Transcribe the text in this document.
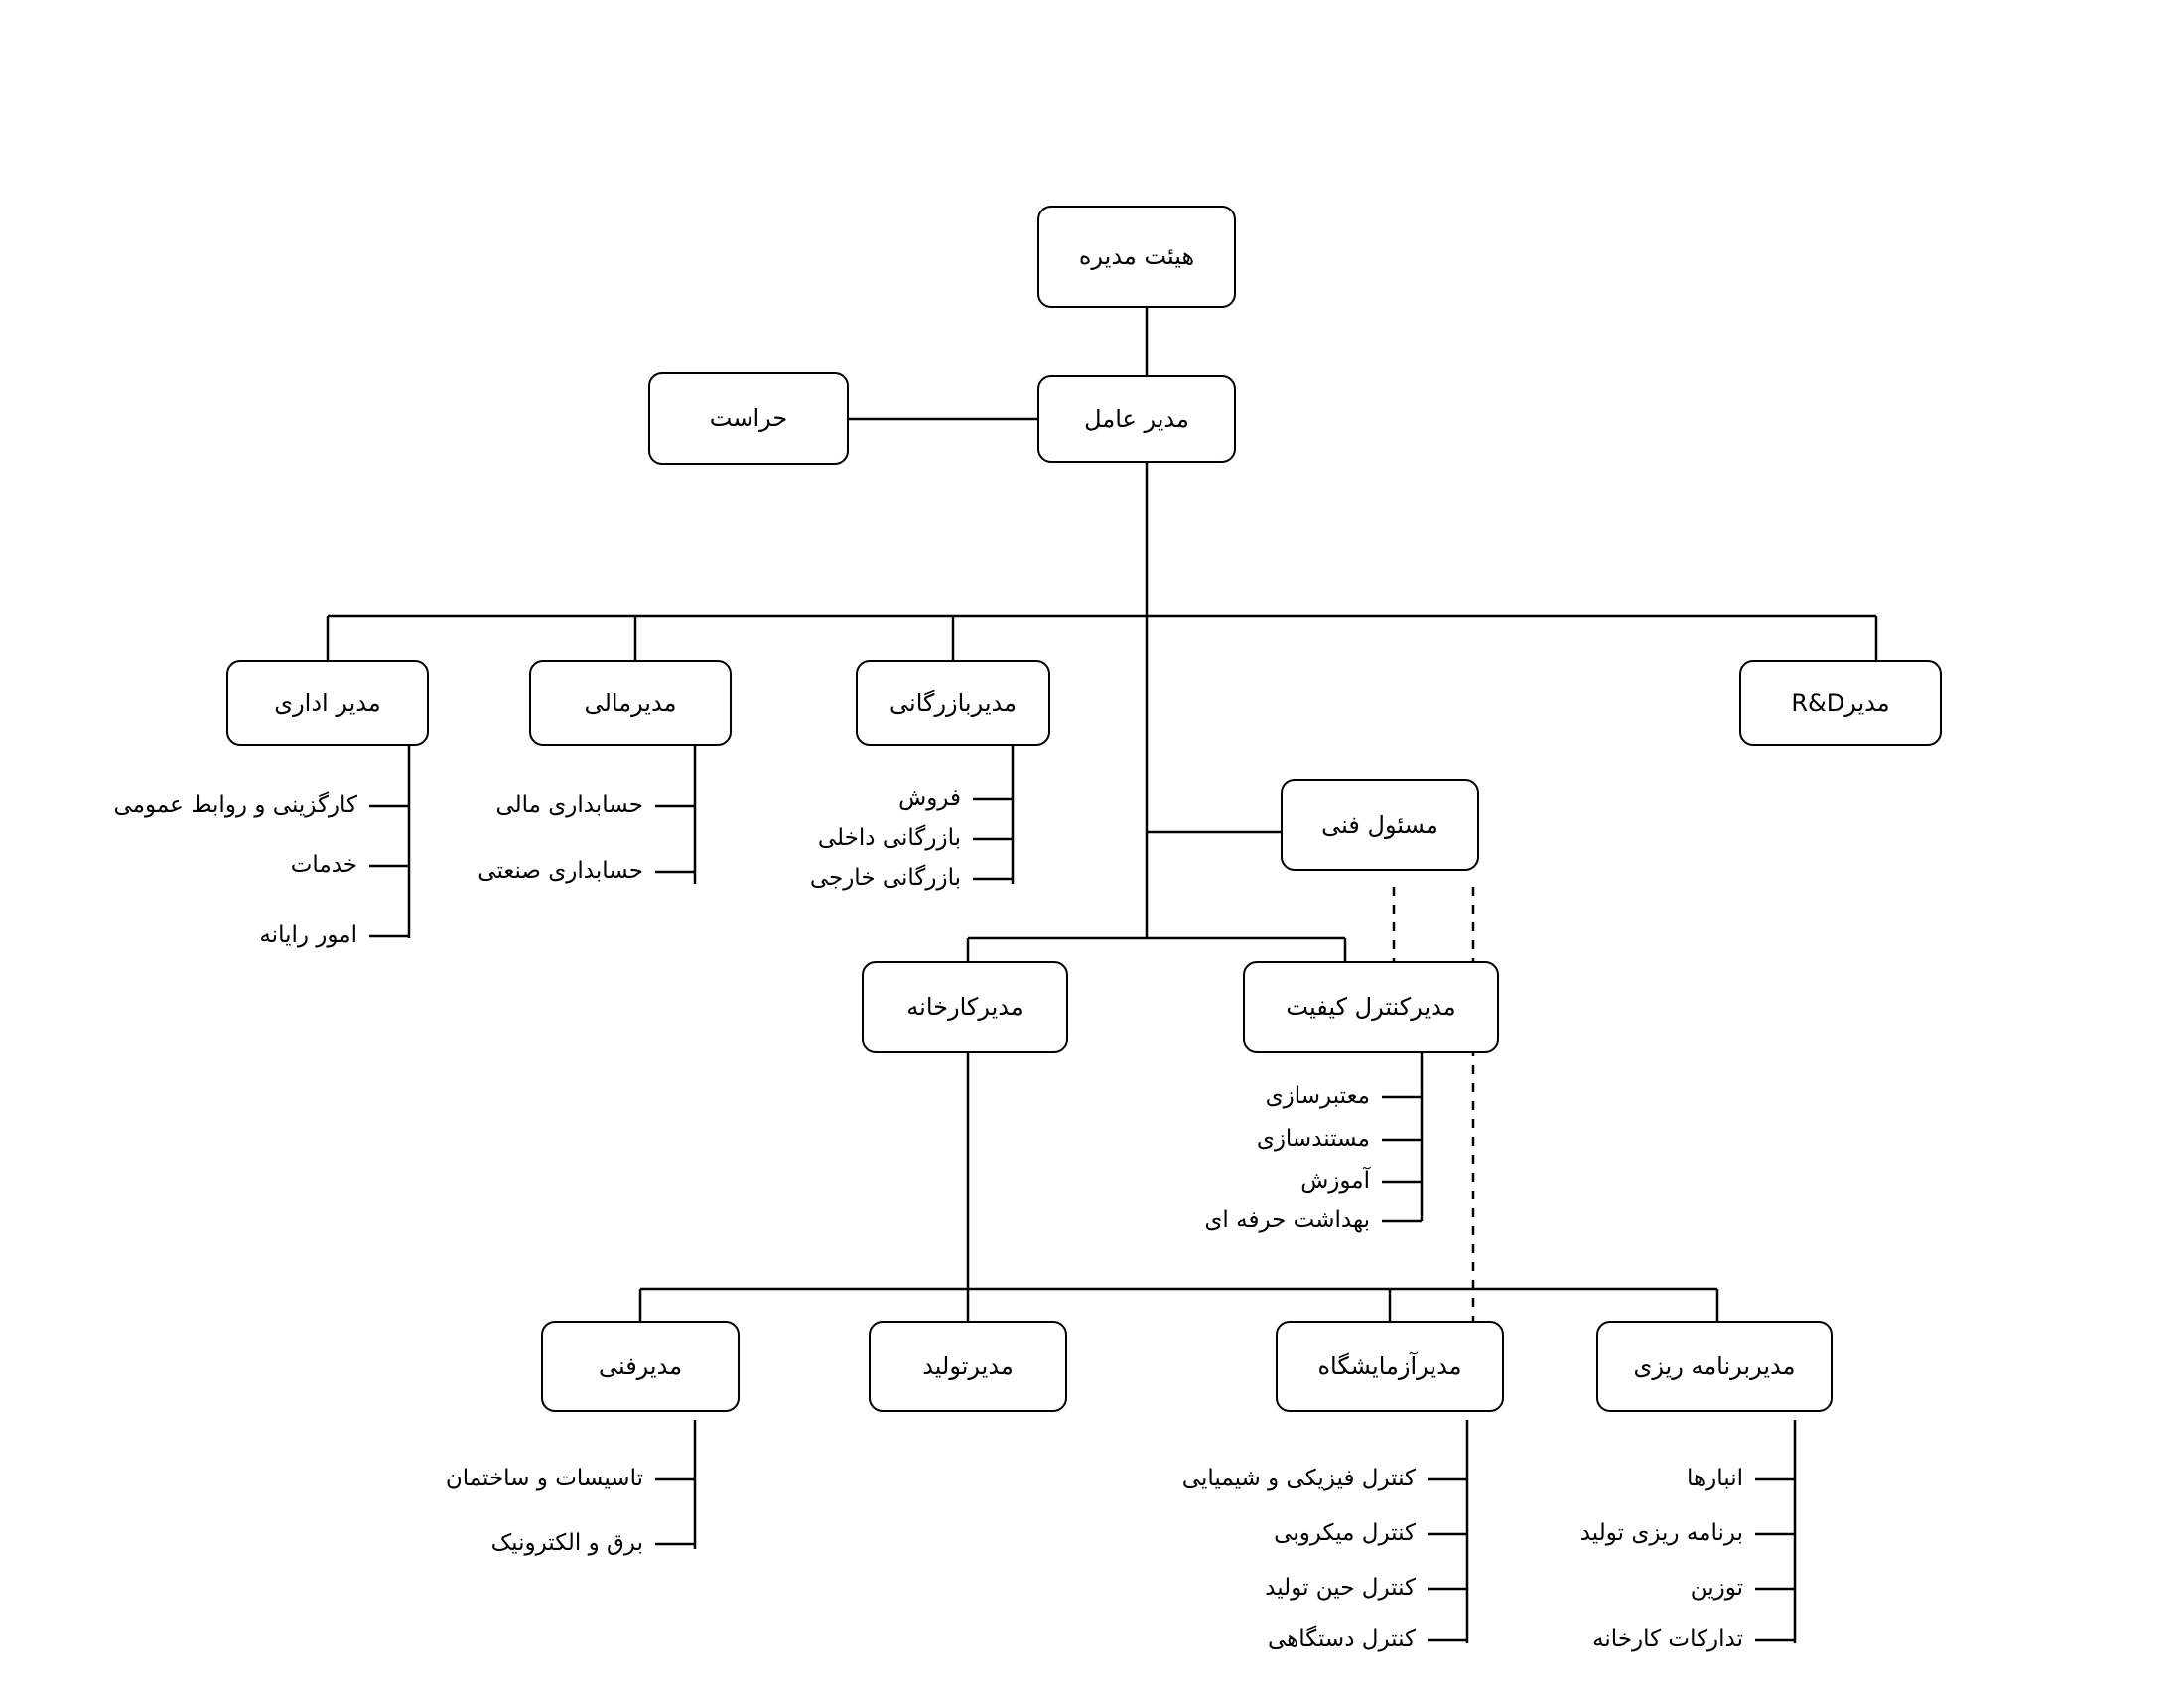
هیئت مدیره
مدیر عامل
حراست
مدیر اداری	مدیرمالی	مدیربازرگانی	مدیرR&D
مسئول فنی
مدیرکارخانه	مدیرکنترل کیفیت
مدیرفنی	مدیرتولید	مدیرآزمایشگاه	مدیربرنامه ریزی
کارگزینی و روابط عمومی
خدمات
امور رایانه
حسابداری مالی
حسابداری صنعتی
فروش
بازرگانی داخلی
بازرگانی خارجی
معتبرسازی
مستندسازی
آموزش
بهداشت حرفه ای
تاسیسات و ساختمان
برق و الکترونیک
کنترل فیزیکی و شیمیایی
کنترل میکروبی
کنترل حین تولید
کنترل دستگاهی
انبارها
برنامه ریزی تولید
توزین
تدارکات کارخانه
